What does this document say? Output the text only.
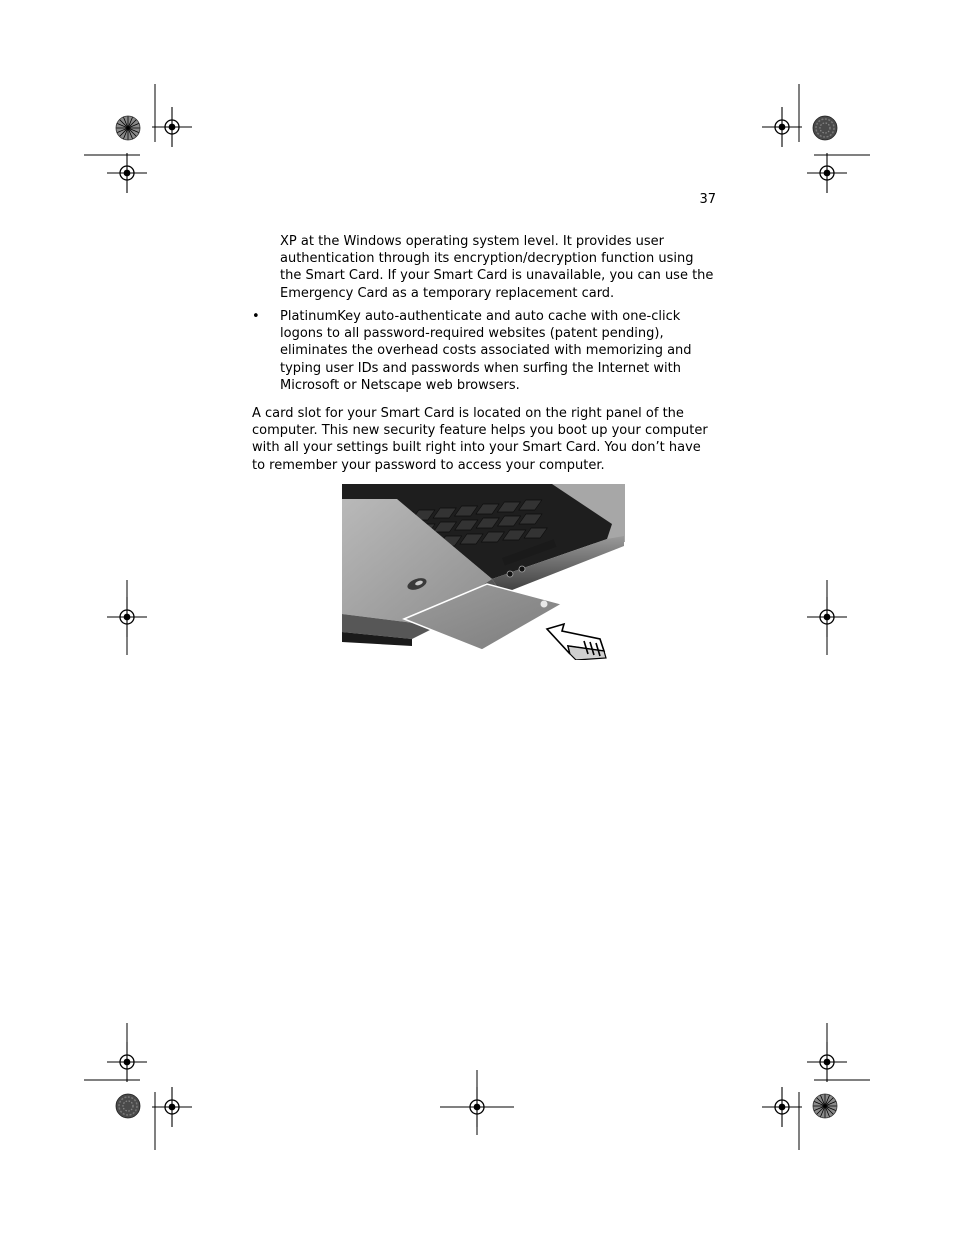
37
XP at the Windows operating system level. It provides user authentication through its encryption/decryption function using the Smart Card. If your Smart Card is unavailable, you can use the Emergency Card as a temporary replacement card.
•	PlatinumKey auto-authenticate and auto cache with one-click logons to all password-required websites (patent pending), eliminates the overhead costs associated with memorizing and typing user IDs and passwords when surfing the Internet with Microsoft or Netscape web browsers.
A card slot for your Smart Card is located on the right panel of the computer. This new security feature helps you boot up your computer with all your settings built right into your Smart Card. You don’t have to remember your password to access your computer.
